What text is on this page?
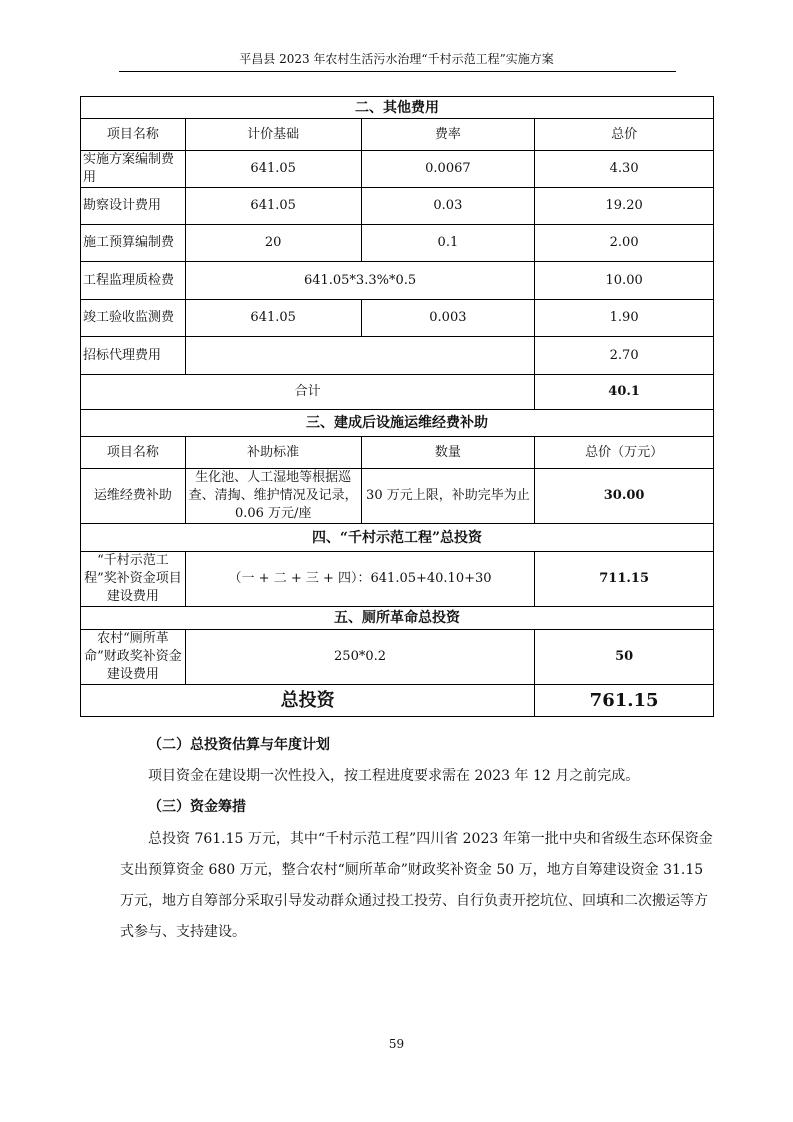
平昌县 2023 年农村生活污水治理“千村示范工程”实施方案
二、其他费用			
项目名称	计价基础	费率	总价
实施方案编制费用	641.05	0.0067	4.30
勘察设计费用	641.05	0.03	19.20
施工预算编制费	20	0.1	2.00
工程监理质检费	641.05*3.3%*0.5		10.00
竣工验收监测费	641.05	0.003	1.90
招标代理费用			2.70
合计			40.1
三、建成后设施运维经费补助			
项目名称	补助标准	数量	总价（万元）
运维经费补助	生化池、人工湿地等根据巡查、清掏、维护情况及记录，0.06 万元/座	30 万元上限，补助完毕为止	30.00
四、“千村示范工程”总投资			
“千村示范工程”奖补资金项目建设费用	（一 + 二 + 三 + 四）：641.05+40.10+30		711.15
五、厕所革命总投资			
农村“厕所革命”财政奖补资金建设费用	250*0.2		50
总投资			761.15
（二）总投资估算与年度计划
项目资金在建设期一次性投入，按工程进度要求需在 2023 年 12 月之前完成。
（三）资金筹措
总投资 761.15 万元，其中“千村示范工程”四川省 2023 年第一批中央和省级生态环保资金支出预算资金 680 万元，整合农村“厕所革命”财政奖补资金 50 万，地方自筹建设资金 31.15 万元，地方自筹部分采取引导发动群众通过投工投劳、自行负责开挖坑位、回填和二次搬运等方式参与、支持建设。
59
